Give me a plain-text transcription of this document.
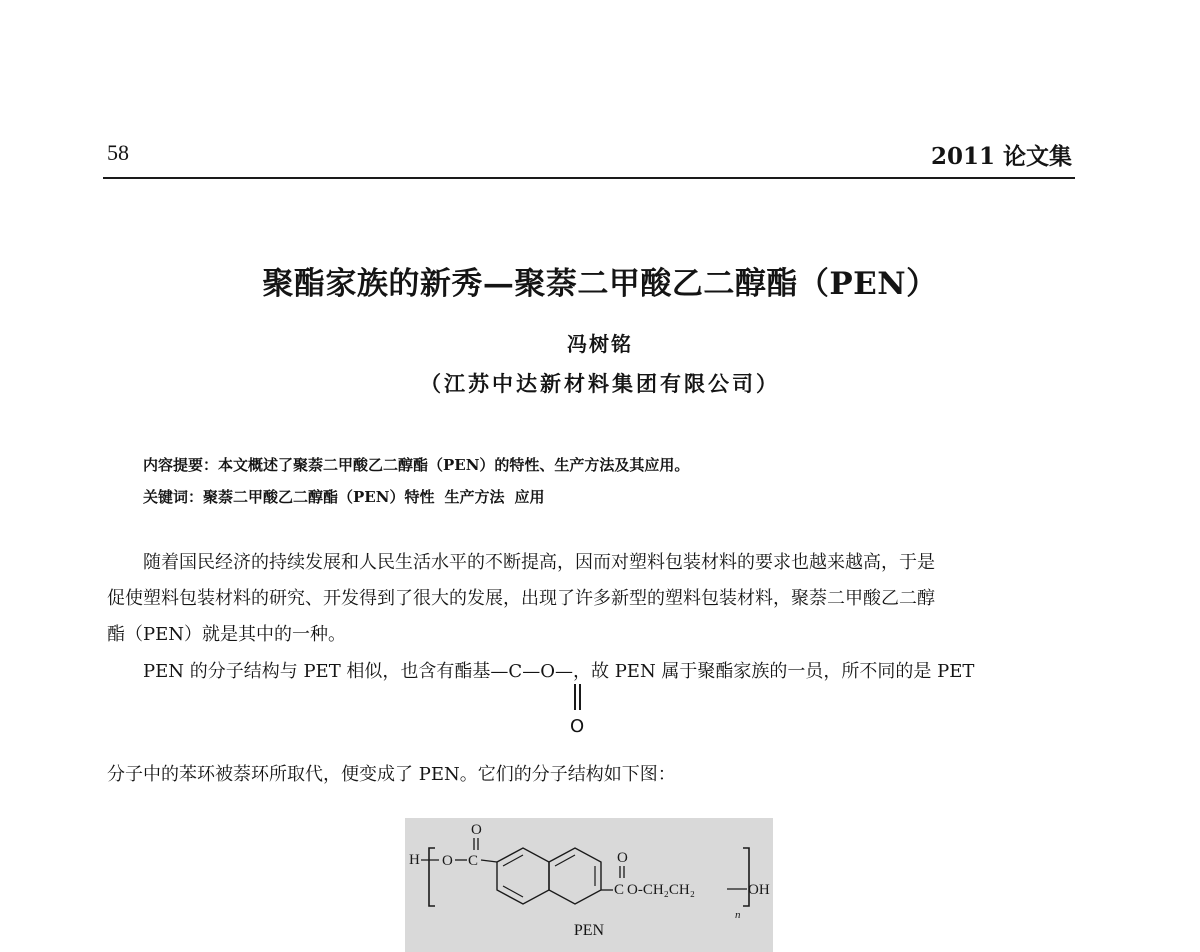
58	2011 论文集
聚酯家族的新秀—聚萘二甲酸乙二醇酯（PEN）
冯树铭
（江苏中达新材料集团有限公司）
内容提要：本文概述了聚萘二甲酸乙二醇酯（PEN）的特性、生产方法及其应用。
关键词：聚萘二甲酸乙二醇酯（PEN）特性 生产方法 应用
随着国民经济的持续发展和人民生活水平的不断提高，因而对塑料包装材料的要求也越来越高，于是
促使塑料包装材料的研究、开发得到了很大的发展，出现了许多新型的塑料包装材料，聚萘二甲酸乙二醇
酯（PEN）就是其中的一种。
PEN 的分子结构与 PET 相似，也含有酯基—C—O—，故 PEN 属于聚酯家族的一员，所不同的是 PET
O
分子中的苯环被萘环所取代，便变成了 PEN。它们的分子结构如下图：
H O C
O
C
O
O-CH₂CH₂	OH
n
PEN
